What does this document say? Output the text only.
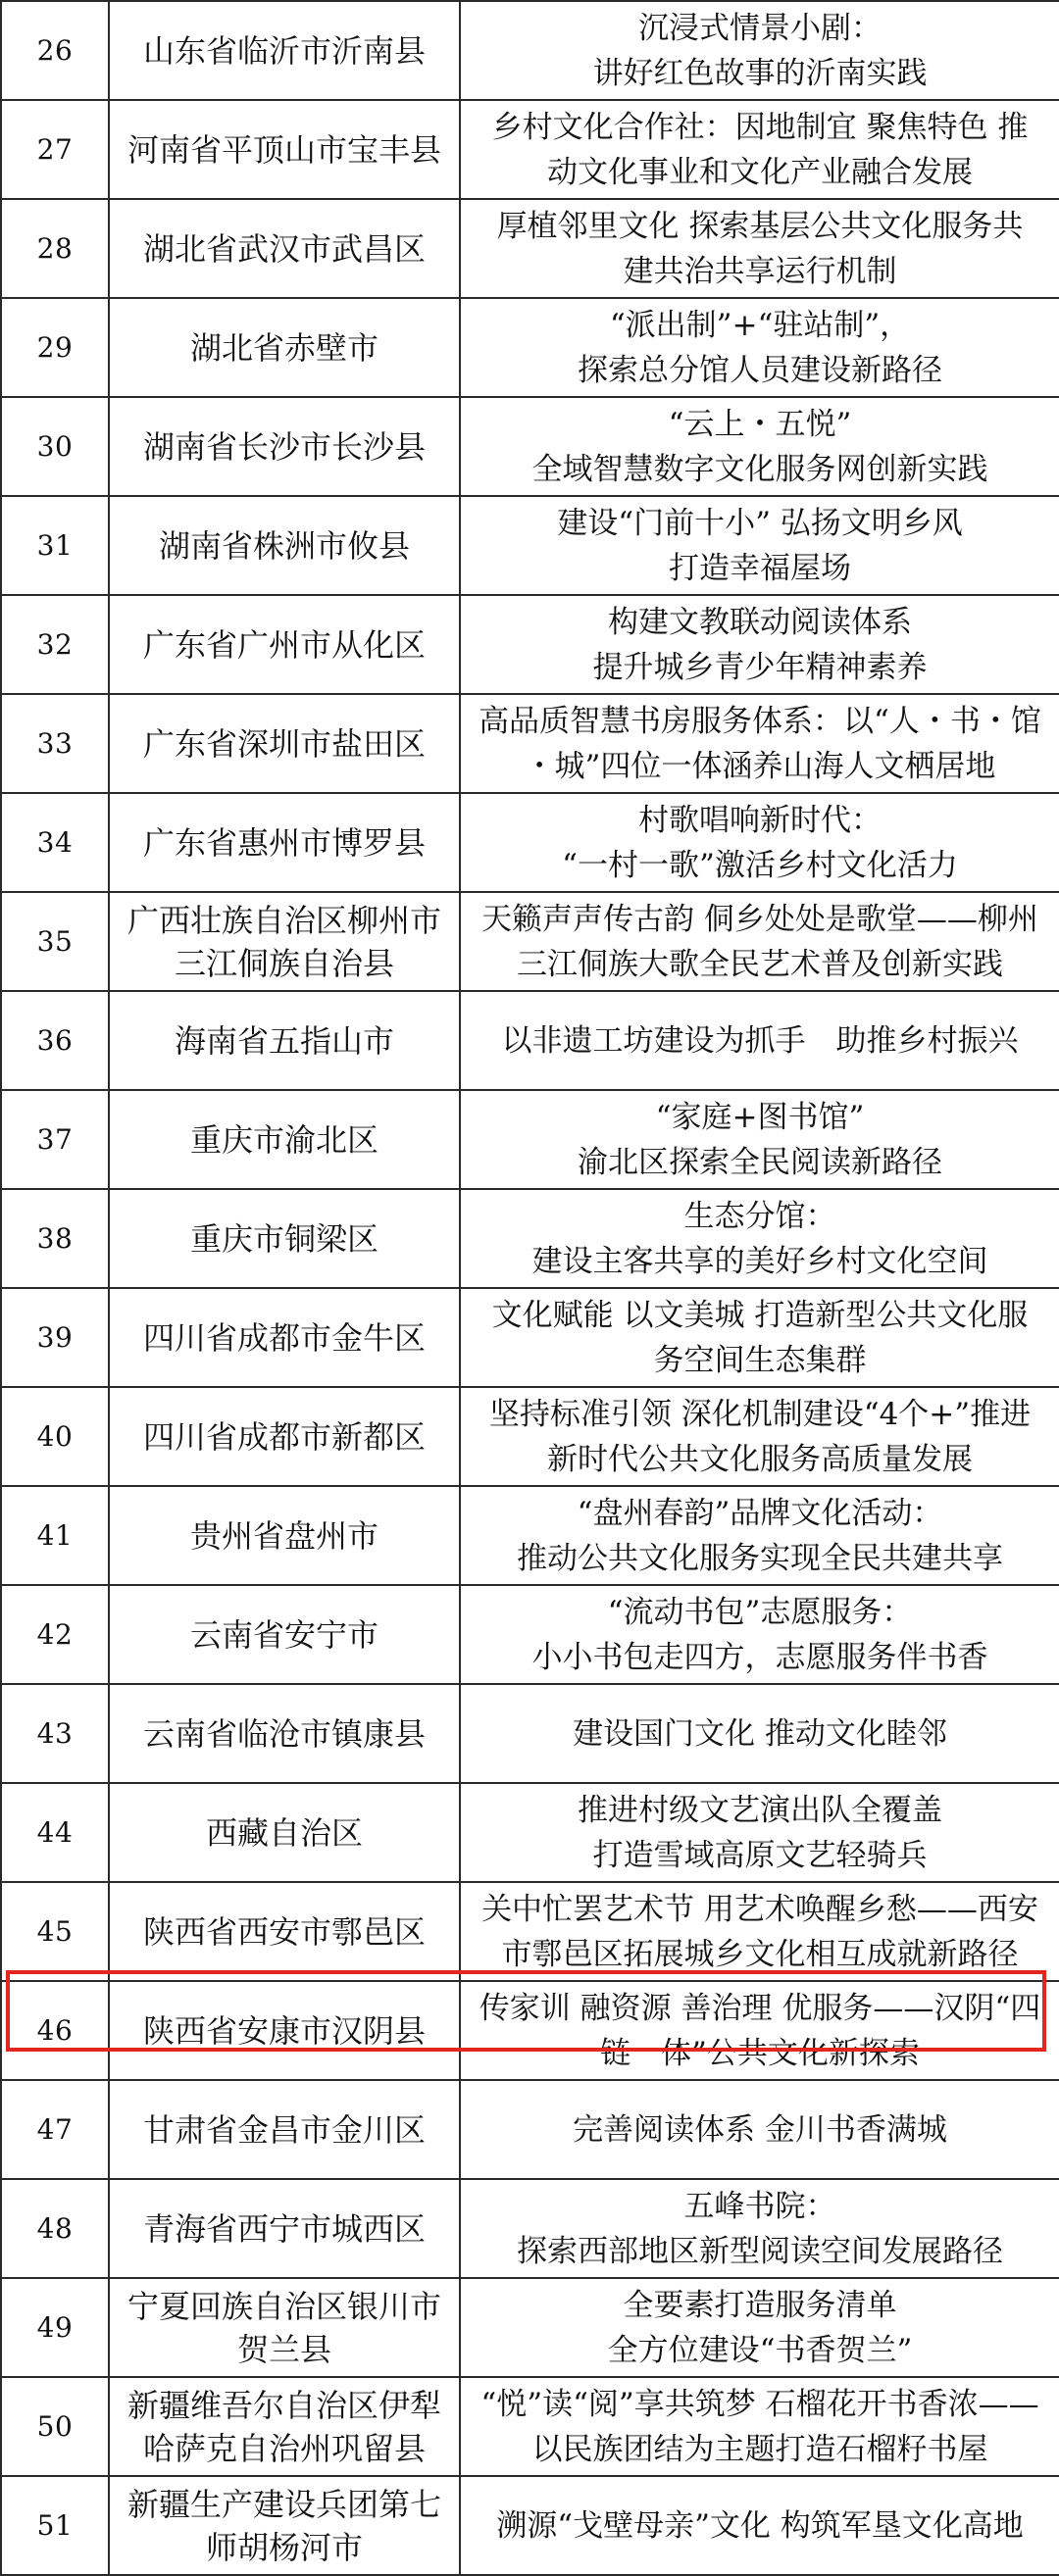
26	山东省临沂市沂南县	沉浸式情景小剧：
讲好红色故事的沂南实践

27	河南省平顶山市宝丰县	乡村文化合作社：因地制宜 聚焦特色 推
动文化事业和文化产业融合发展

28	湖北省武汉市武昌区	厚植邻里文化 探索基层公共文化服务共
建共治共享运行机制

29	湖北省赤壁市	“派出制”+“驻站制”，
探索总分馆人员建设新路径

30	湖南省长沙市长沙县	“云上・五悦”
全域智慧数字文化服务网创新实践

31	湖南省株洲市攸县	建设“门前十小” 弘扬文明乡风
打造幸福屋场

32	广东省广州市从化区	构建文教联动阅读体系
提升城乡青少年精神素养

33	广东省深圳市盐田区	高品质智慧书房服务体系：以“人・书・馆
・城”四位一体涵养山海人文栖居地

34	广东省惠州市博罗县	村歌唱响新时代：
“一村一歌”激活乡村文化活力

35	广西壮族自治区柳州市
三江侗族自治县	天籁声声传古韵 侗乡处处是歌堂——柳州
三江侗族大歌全民艺术普及创新实践

36	海南省五指山市	以非遗工坊建设为抓手　助推乡村振兴

37	重庆市渝北区	“家庭+图书馆”
渝北区探索全民阅读新路径

38	重庆市铜梁区	生态分馆：
建设主客共享的美好乡村文化空间

39	四川省成都市金牛区	文化赋能 以文美城 打造新型公共文化服
务空间生态集群

40	四川省成都市新都区	坚持标准引领 深化机制建设“4个+”推进
新时代公共文化服务高质量发展

41	贵州省盘州市	“盘州春韵”品牌文化活动：
推动公共文化服务实现全民共建共享

42	云南省安宁市	“流动书包”志愿服务：
小小书包走四方，志愿服务伴书香

43	云南省临沧市镇康县	建设国门文化 推动文化睦邻

44	西藏自治区	推进村级文艺演出队全覆盖
打造雪域高原文艺轻骑兵

45	陕西省西安市鄠邑区	关中忙罢艺术节 用艺术唤醒乡愁——西安
市鄠邑区拓展城乡文化相互成就新路径

46	陕西省安康市汉阴县	传家训 融资源 善治理 优服务——汉阴“四
链一体”公共文化新探索

47	甘肃省金昌市金川区	完善阅读体系 金川书香满城

48	青海省西宁市城西区	五峰书院：
探索西部地区新型阅读空间发展路径

49	宁夏回族自治区银川市
贺兰县	全要素打造服务清单
全方位建设“书香贺兰”

50	新疆维吾尔自治区伊犁
哈萨克自治州巩留县	“悦”读“阅”享共筑梦 石榴花开书香浓——
以民族团结为主题打造石榴籽书屋

51	新疆生产建设兵团第七
师胡杨河市	溯源“戈壁母亲”文化 构筑军垦文化高地
